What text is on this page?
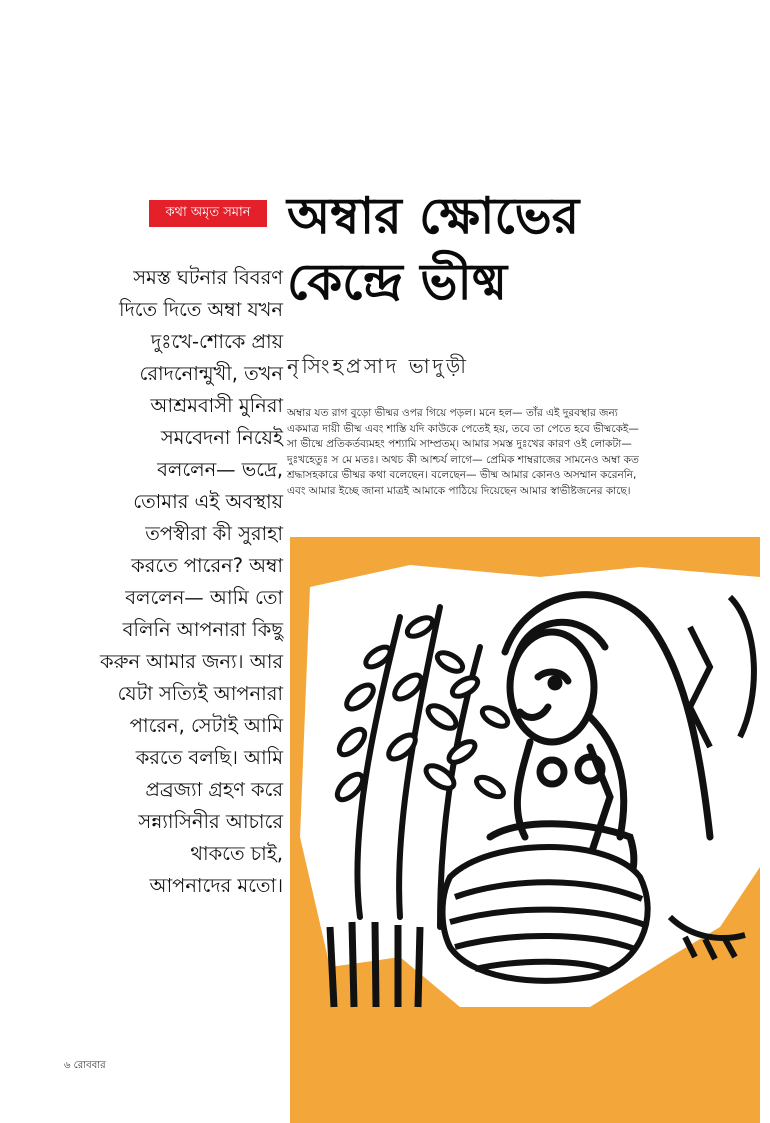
কথা অমৃত সমান অম্বার ক্ষোভের
কেন্দ্রে ভীষ্ম
নৃসিংহপ্রসাদ ভাদুড়ী
অম্বার যত রাগ বুড়ো ভীষ্মর ওপর গিয়ে পড়ল। মনে হল— তাঁর এই দুরবস্থার জন্য
একমাত্র দায়ী ভীষ্ম এবং শাস্তি যদি কাউকে পেতেই হয়, তবে তা পেতে হবে ভীষ্মকেই—
সা ভীষ্মে প্রতিকর্তব্যমহং পশ্যামি সাম্প্রতম্‌। আমার সমস্ত দুঃখের কারণ ওই লোকটা—
দুঃখহেতুঃ স মে মতঃ। অথচ কী আশ্চর্য লাগে— প্রেমিক শাম্বরাজের সামনেও অম্বা কত
শ্রদ্ধাসহকারে ভীষ্মর কথা বলেছেন। বলেছেন— ভীষ্ম আমার কোনও অসম্মান করেননি,
এবং আমার ইচ্ছে জানা মাত্রই আমাকে পাঠিয়ে দিয়েছেন আমার স্বাভীষ্টজনের কাছে।
সমস্ত ঘটনার বিবরণ
দিতে দিতে অম্বা যখন
দুঃখে-শোকে প্রায়
রোদনোন্মুখী, তখন
আশ্রমবাসী মুনিরা
সমবেদনা নিয়েই
বললেন— ভদ্রে,
তোমার এই অবস্থায়
তপস্বীরা কী সুরাহা
করতে পারেন? অম্বা
বললেন— আমি তো
বলিনি আপনারা কিছু
করুন আমার জন্য। আর
যেটা সত্যিই আপনারা
পারেন, সেটাই আমি
করতে বলছি। আমি
প্রব্রজ্যা গ্রহণ করে
সন্ন্যাসিনীর আচারে
থাকতে চাই,
আপনাদের মতো।
৬ রোববার
